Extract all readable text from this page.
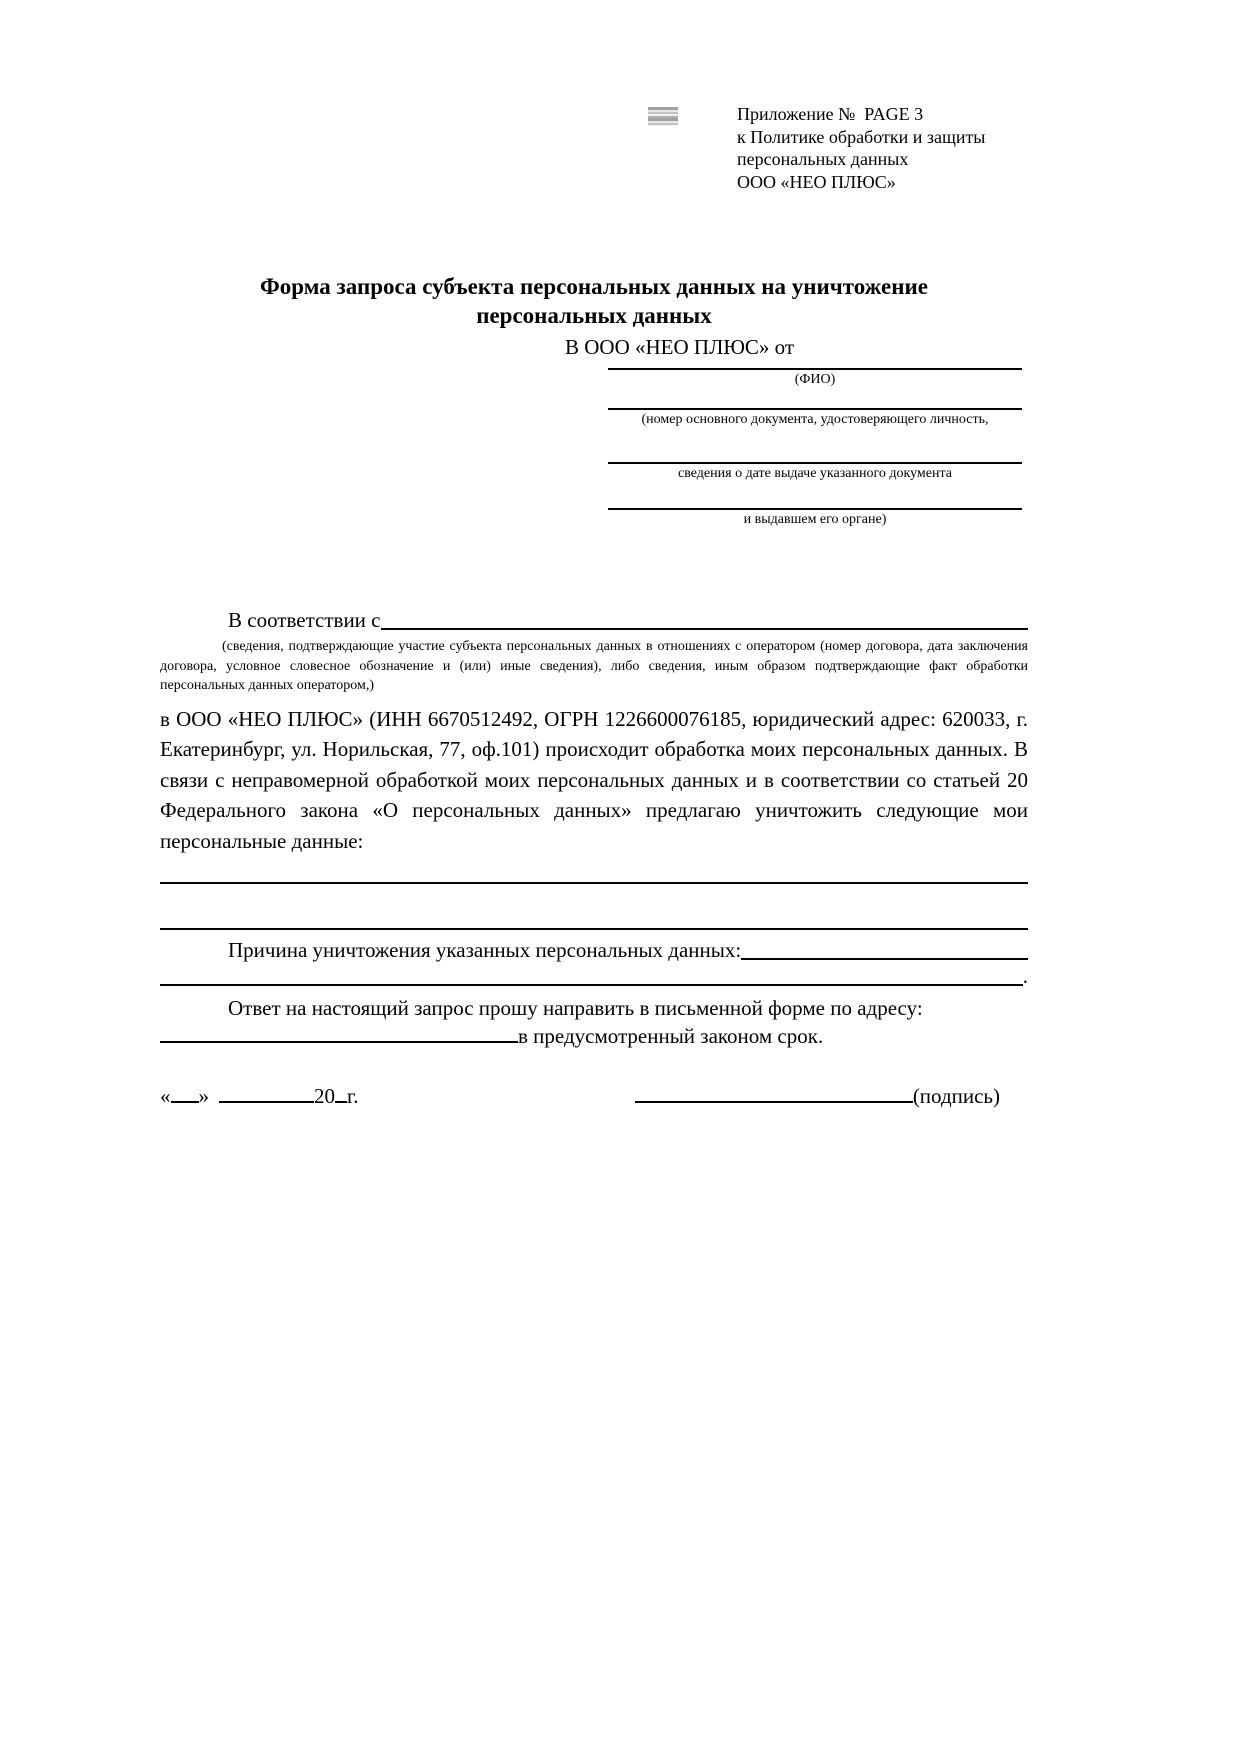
Приложение №  PAGE 3
к Политике обработки и защиты
персональных данных
ООО «НЕО ПЛЮС»
Форма запроса субъекта персональных данных на уничтожение
персональных данных
В ООО «НЕО ПЛЮС» от
(ФИО)
(номер основного документа, удостоверяющего личность,
сведения о дате выдаче указанного документа
и выдавшем его органе)
В соответствии с
(сведения, подтверждающие участие субъекта персональных данных в отношениях с оператором (номер договора, дата заключения договора, условное словесное обозначение и (или) иные сведения), либо сведения, иным образом подтверждающие факт обработки персональных данных оператором,)
в ООО «НЕО ПЛЮС» (ИНН 6670512492, ОГРН 1226600076185, юридический адрес: 620033, г. Екатеринбург, ул. Норильская, 77, оф.101) происходит обработка моих персональных данных. В связи с неправомерной обработкой моих персональных данных и в соответствии со статьей 20 Федерального закона «О персональных данных» предлагаю уничтожить следующие мои персональные данные:
Причина уничтожения указанных персональных данных:
.
Ответ на настоящий запрос прошу направить в письменной форме по адресу:
в предусмотренный законом срок.
« »	20 г.	(подпись)
